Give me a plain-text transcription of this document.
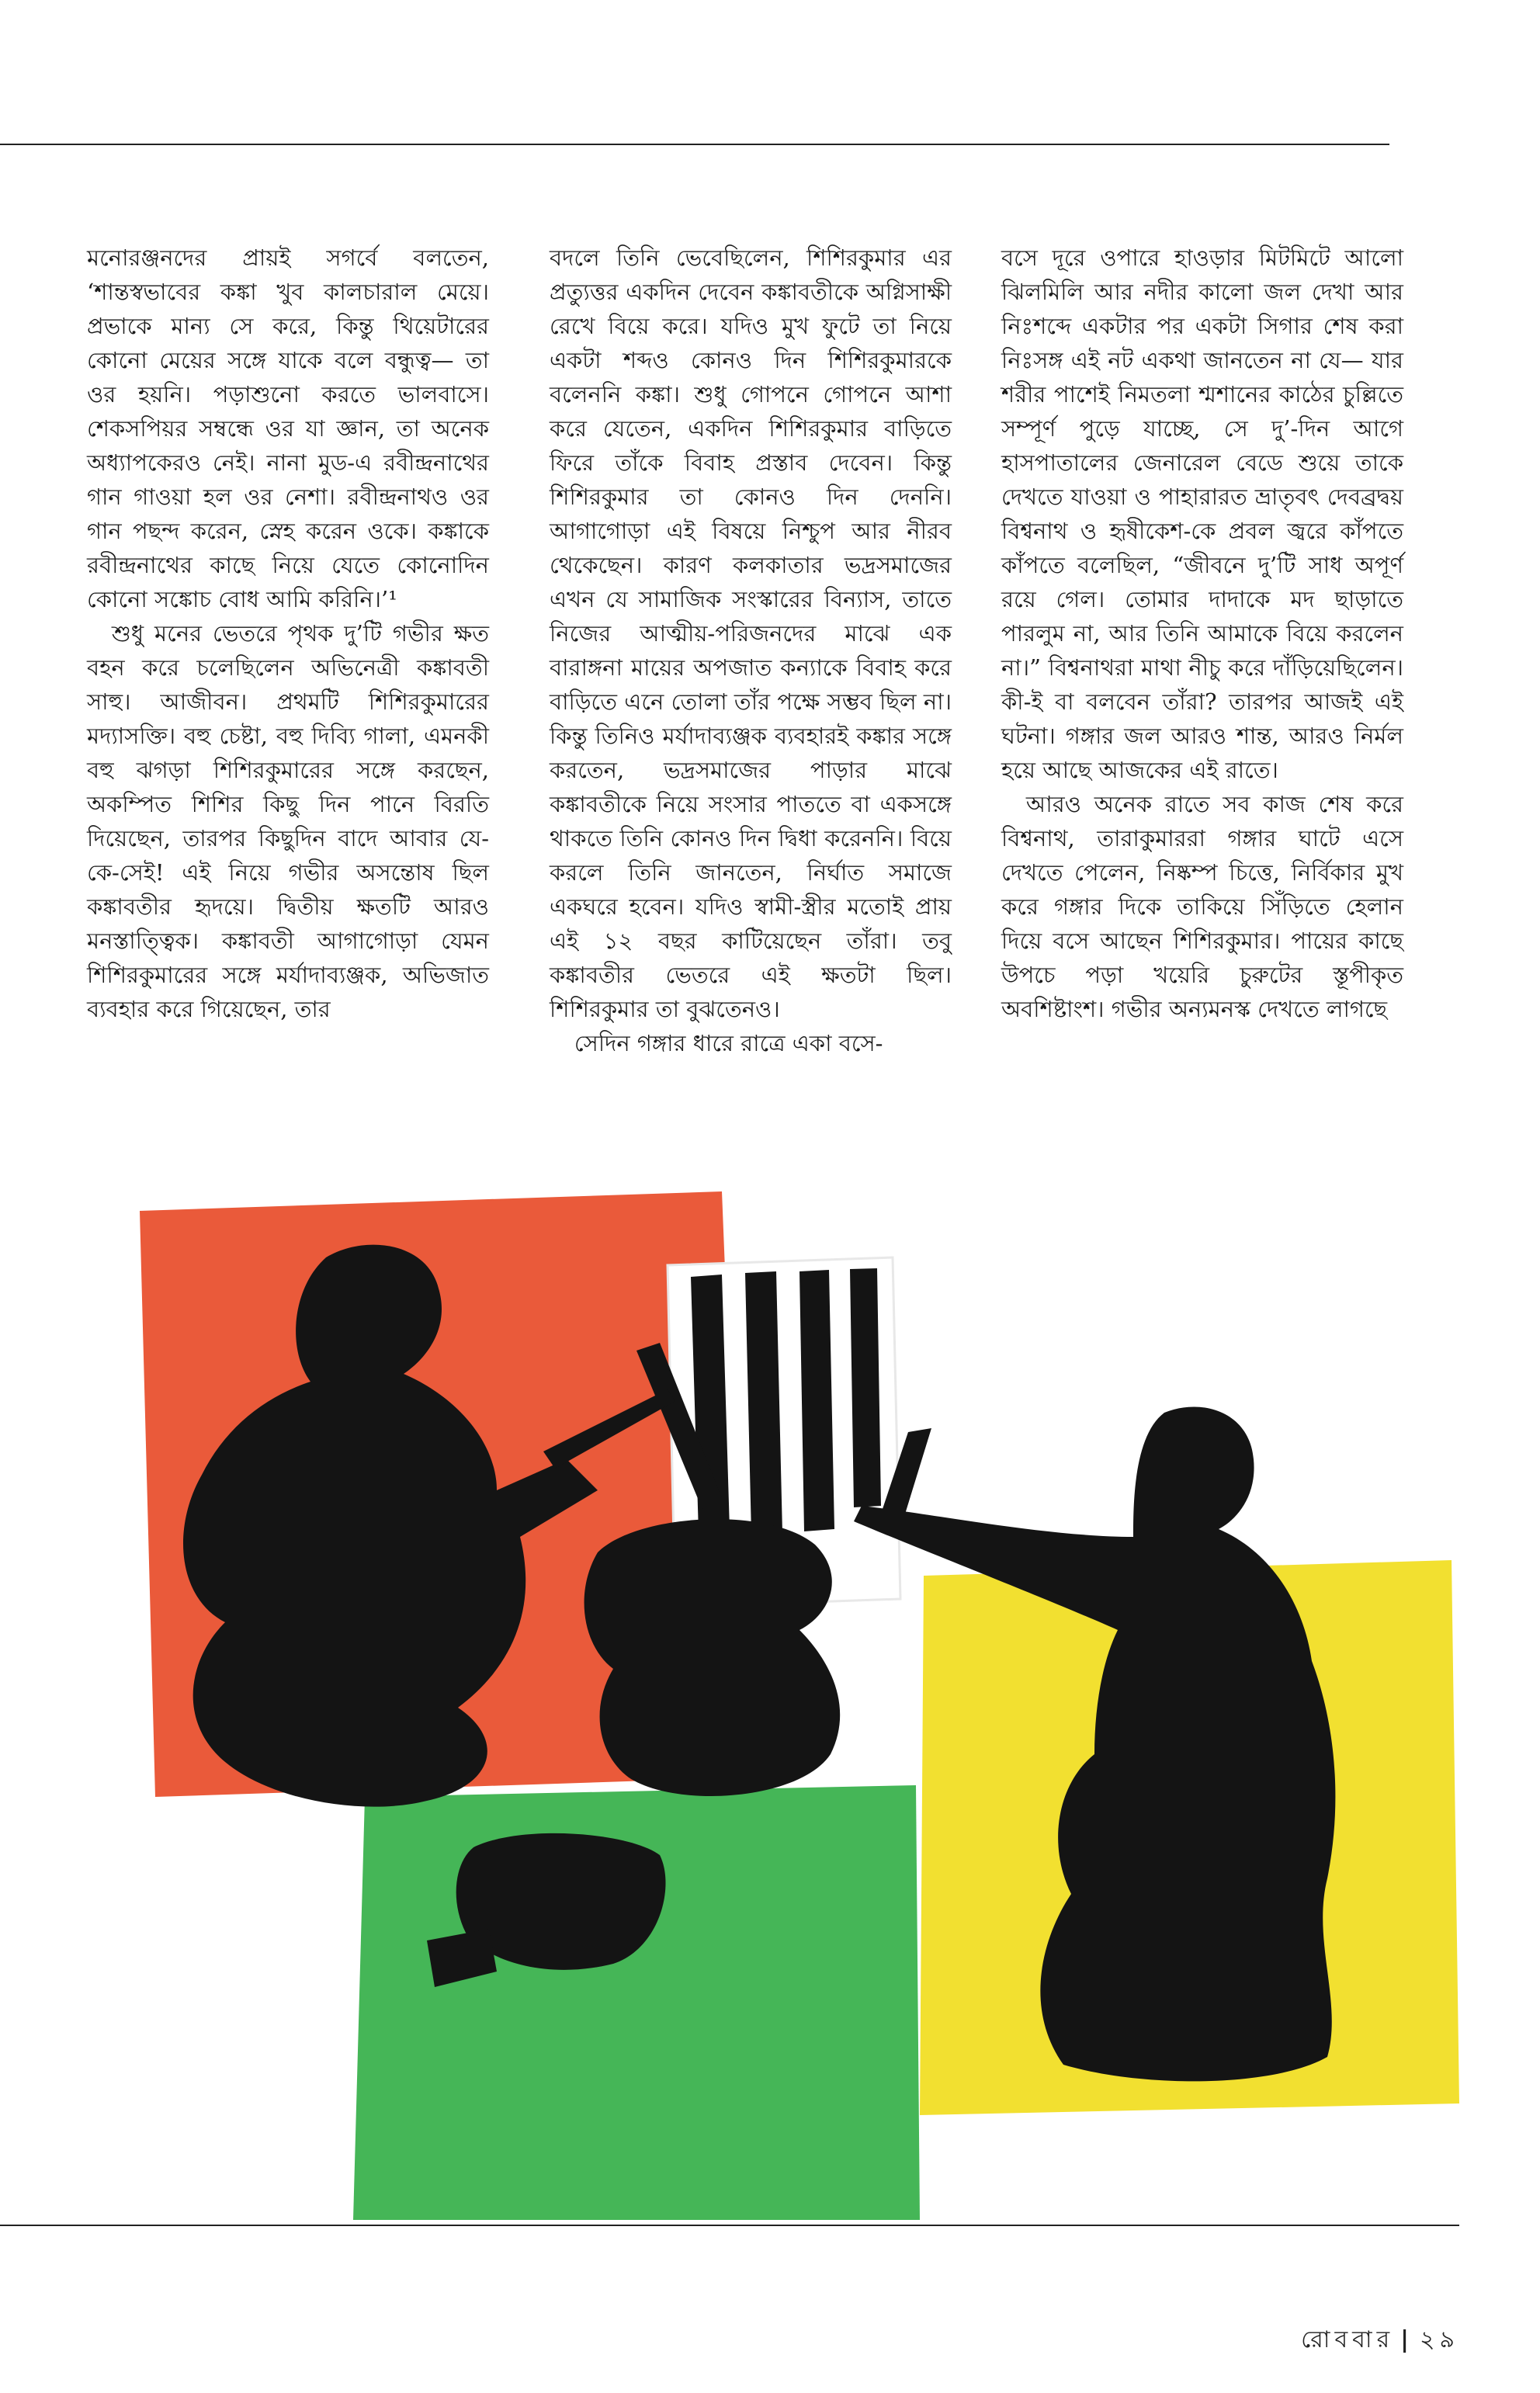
মনোরঞ্জনদের প্রায়ই সগর্বে বলতেন, ‘শান্তস্বভাবের কঙ্কা খুব কালচারাল মেয়ে। প্রভাকে মান্য সে করে, কিন্তু থিয়েটারের কোনো মেয়ের সঙ্গে যাকে বলে বন্ধুত্ব— তা ওর হয়নি। পড়াশুনো করতে ভালবাসে। শেকসপিয়র সম্বন্ধে ওর যা জ্ঞান, তা অনেক অধ্যাপকেরও নেই। নানা মুড-এ রবীন্দ্রনাথের গান গাওয়া হল ওর নেশা। রবীন্দ্রনাথও ওর গান পছন্দ করেন, স্নেহ করেন ওকে। কঙ্কাকে রবীন্দ্রনাথের কাছে নিয়ে যেতে কোনোদিন কোনো সঙ্কোচ বোধ আমি করিনি।’¹

শুধু মনের ভেতরে পৃথক দু’টি গভীর ক্ষত বহন করে চলেছিলেন অভিনেত্রী কঙ্কাবতী সাহু। আজীবন। প্রথমটি শিশিরকুমারের মদ্যাসক্তি। বহু চেষ্টা, বহু দিব্যি গালা, এমনকী বহু ঝগড়া শিশিরকুমারের সঙ্গে করছেন, অকম্পিত শিশির কিছু দিন পানে বিরতি দিয়েছেন, তারপর কিছুদিন বাদে আবার যে-কে-সেই! এই নিয়ে গভীর অসন্তোষ ছিল কঙ্কাবতীর হৃদয়ে। দ্বিতীয় ক্ষতটি আরও মনস্তাত্ত্বিক। কঙ্কাবতী আগাগোড়া যেমন শিশিরকুমারের সঙ্গে মর্যাদাব্যঞ্জক, অভিজাত ব্যবহার করে গিয়েছেন, তার

বদলে তিনি ভেবেছিলেন, শিশিরকুমার এর প্রত্যুত্তর একদিন দেবেন কঙ্কাবতীকে অগ্নিসাক্ষী রেখে বিয়ে করে। যদিও মুখ ফুটে তা নিয়ে একটা শব্দও কোনও দিন শিশিরকুমারকে বলেননি কঙ্কা। শুধু গোপনে গোপনে আশা করে যেতেন, একদিন শিশিরকুমার বাড়িতে ফিরে তাঁকে বিবাহ প্রস্তাব দেবেন। কিন্তু শিশিরকুমার তা কোনও দিন দেননি। আগাগোড়া এই বিষয়ে নিশ্চুপ আর নীরব থেকেছেন। কারণ কলকাতার ভদ্রসমাজের এখন যে সামাজিক সংস্কারের বিন্যাস, তাতে নিজের আত্মীয়-পরিজনদের মাঝে এক বারাঙ্গনা মায়ের অপজাত কন্যাকে বিবাহ করে বাড়িতে এনে তোলা তাঁর পক্ষে সম্ভব ছিল না। কিন্তু তিনিও মর্যাদাব্যঞ্জক ব্যবহারই কঙ্কার সঙ্গে করতেন, ভদ্রসমাজের পাড়ার মাঝে কঙ্কাবতীকে নিয়ে সংসার পাততে বা একসঙ্গে থাকতে তিনি কোনও দিন দ্বিধা করেননি। বিয়ে করলে তিনি জানতেন, নির্ঘাত সমাজে একঘরে হবেন। যদিও স্বামী-স্ত্রীর মতোই প্রায় এই ১২ বছর কাটিয়েছেন তাঁরা। তবু কঙ্কাবতীর ভেতরে এই ক্ষতটা ছিল। শিশিরকুমার তা বুঝতেনও।

সেদিন গঙ্গার ধারে রাত্রে একা বসে-

বসে দূরে ওপারে হাওড়ার মিটমিটে আলো ঝিলমিলি আর নদীর কালো জল দেখা আর নিঃশব্দে একটার পর একটা সিগার শেষ করা নিঃসঙ্গ এই নট একথা জানতেন না যে— যার শরীর পাশেই নিমতলা শ্মশানের কাঠের চুল্লিতে সম্পূর্ণ পুড়ে যাচ্ছে, সে দু’-দিন আগে হাসপাতালের জেনারেল বেডে শুয়ে তাকে দেখতে যাওয়া ও পাহারারত ভ্রাতৃবৎ দেবব্রদ্বয় বিশ্বনাথ ও হৃষীকেশ-কে প্রবল জ্বরে কাঁপতে কাঁপতে বলেছিল, “জীবনে দু’টি সাধ অপূর্ণ রয়ে গেল। তোমার দাদাকে মদ ছাড়াতে পারলুম না, আর তিনি আমাকে বিয়ে করলেন না।” বিশ্বনাথরা মাথা নীচু করে দাঁড়িয়েছিলেন। কী-ই বা বলবেন তাঁরা? তারপর আজই এই ঘটনা। গঙ্গার জল আরও শান্ত, আরও নির্মল হয়ে আছে আজকের এই রাতে।

আরও অনেক রাতে সব কাজ শেষ করে বিশ্বনাথ, তারাকুমাররা গঙ্গার ঘাটে এসে দেখতে পেলেন, নিষ্কম্প চিত্তে, নির্বিকার মুখ করে গঙ্গার দিকে তাকিয়ে সিঁড়িতে হেলান দিয়ে বসে আছেন শিশিরকুমার। পায়ের কাছে উপচে পড়া খয়েরি চুরুটের স্তূপীকৃত অবশিষ্টাংশ। গভীর অন্যমনস্ক দেখতে লাগছে

রোববার | ২৯
